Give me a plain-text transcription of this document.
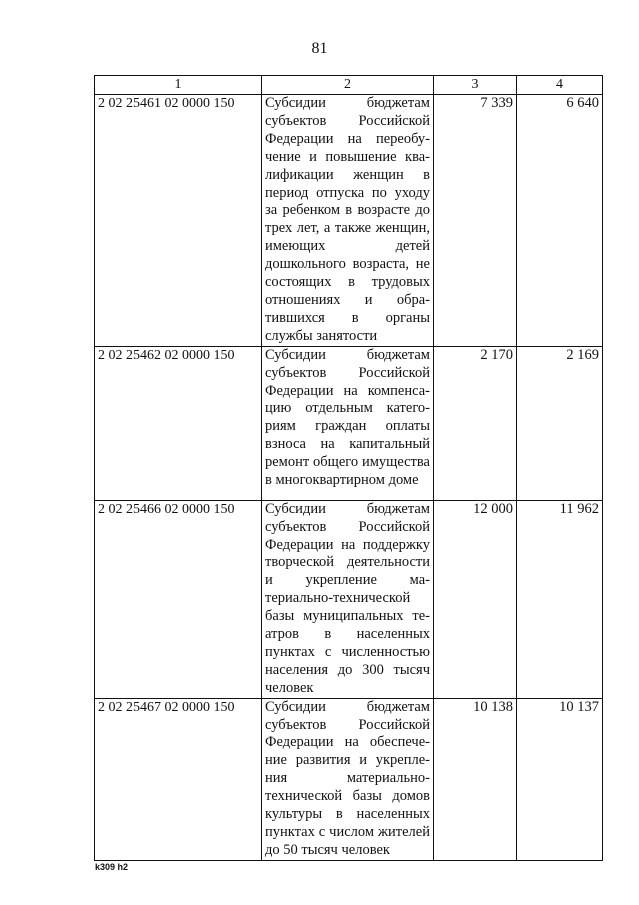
81
1	2	3	4
2 02 25461 02 0000 150	Субсидии бюджетам субъектов Российской Федерации на переобучение и повышение квалификации женщин в период отпуска по уходу за ребенком в возрасте до трех лет, а также женщин, имеющих детей дошкольного возраста, не состоящих в трудовых отношениях и обратившихся в органы службы занятости	7 339	6 640
2 02 25462 02 0000 150	Субсидии бюджетам субъектов Российской Федерации на компенсацию отдельным категориям граждан оплаты взноса на капитальный ремонт общего имущества в многоквартирном доме	2 170	2 169
2 02 25466 02 0000 150	Субсидии бюджетам субъектов Российской Федерации на поддержку творческой деятельности и укрепление материально-технической базы муниципальных театров в населенных пунктах с численностью населения до 300 тысяч человек	12 000	11 962
2 02 25467 02 0000 150	Субсидии бюджетам субъектов Российской Федерации на обеспечение развития и укрепления материально-технической базы домов культуры в населенных пунктах с числом жителей до 50 тысяч человек	10 138	10 137
k309 h2
